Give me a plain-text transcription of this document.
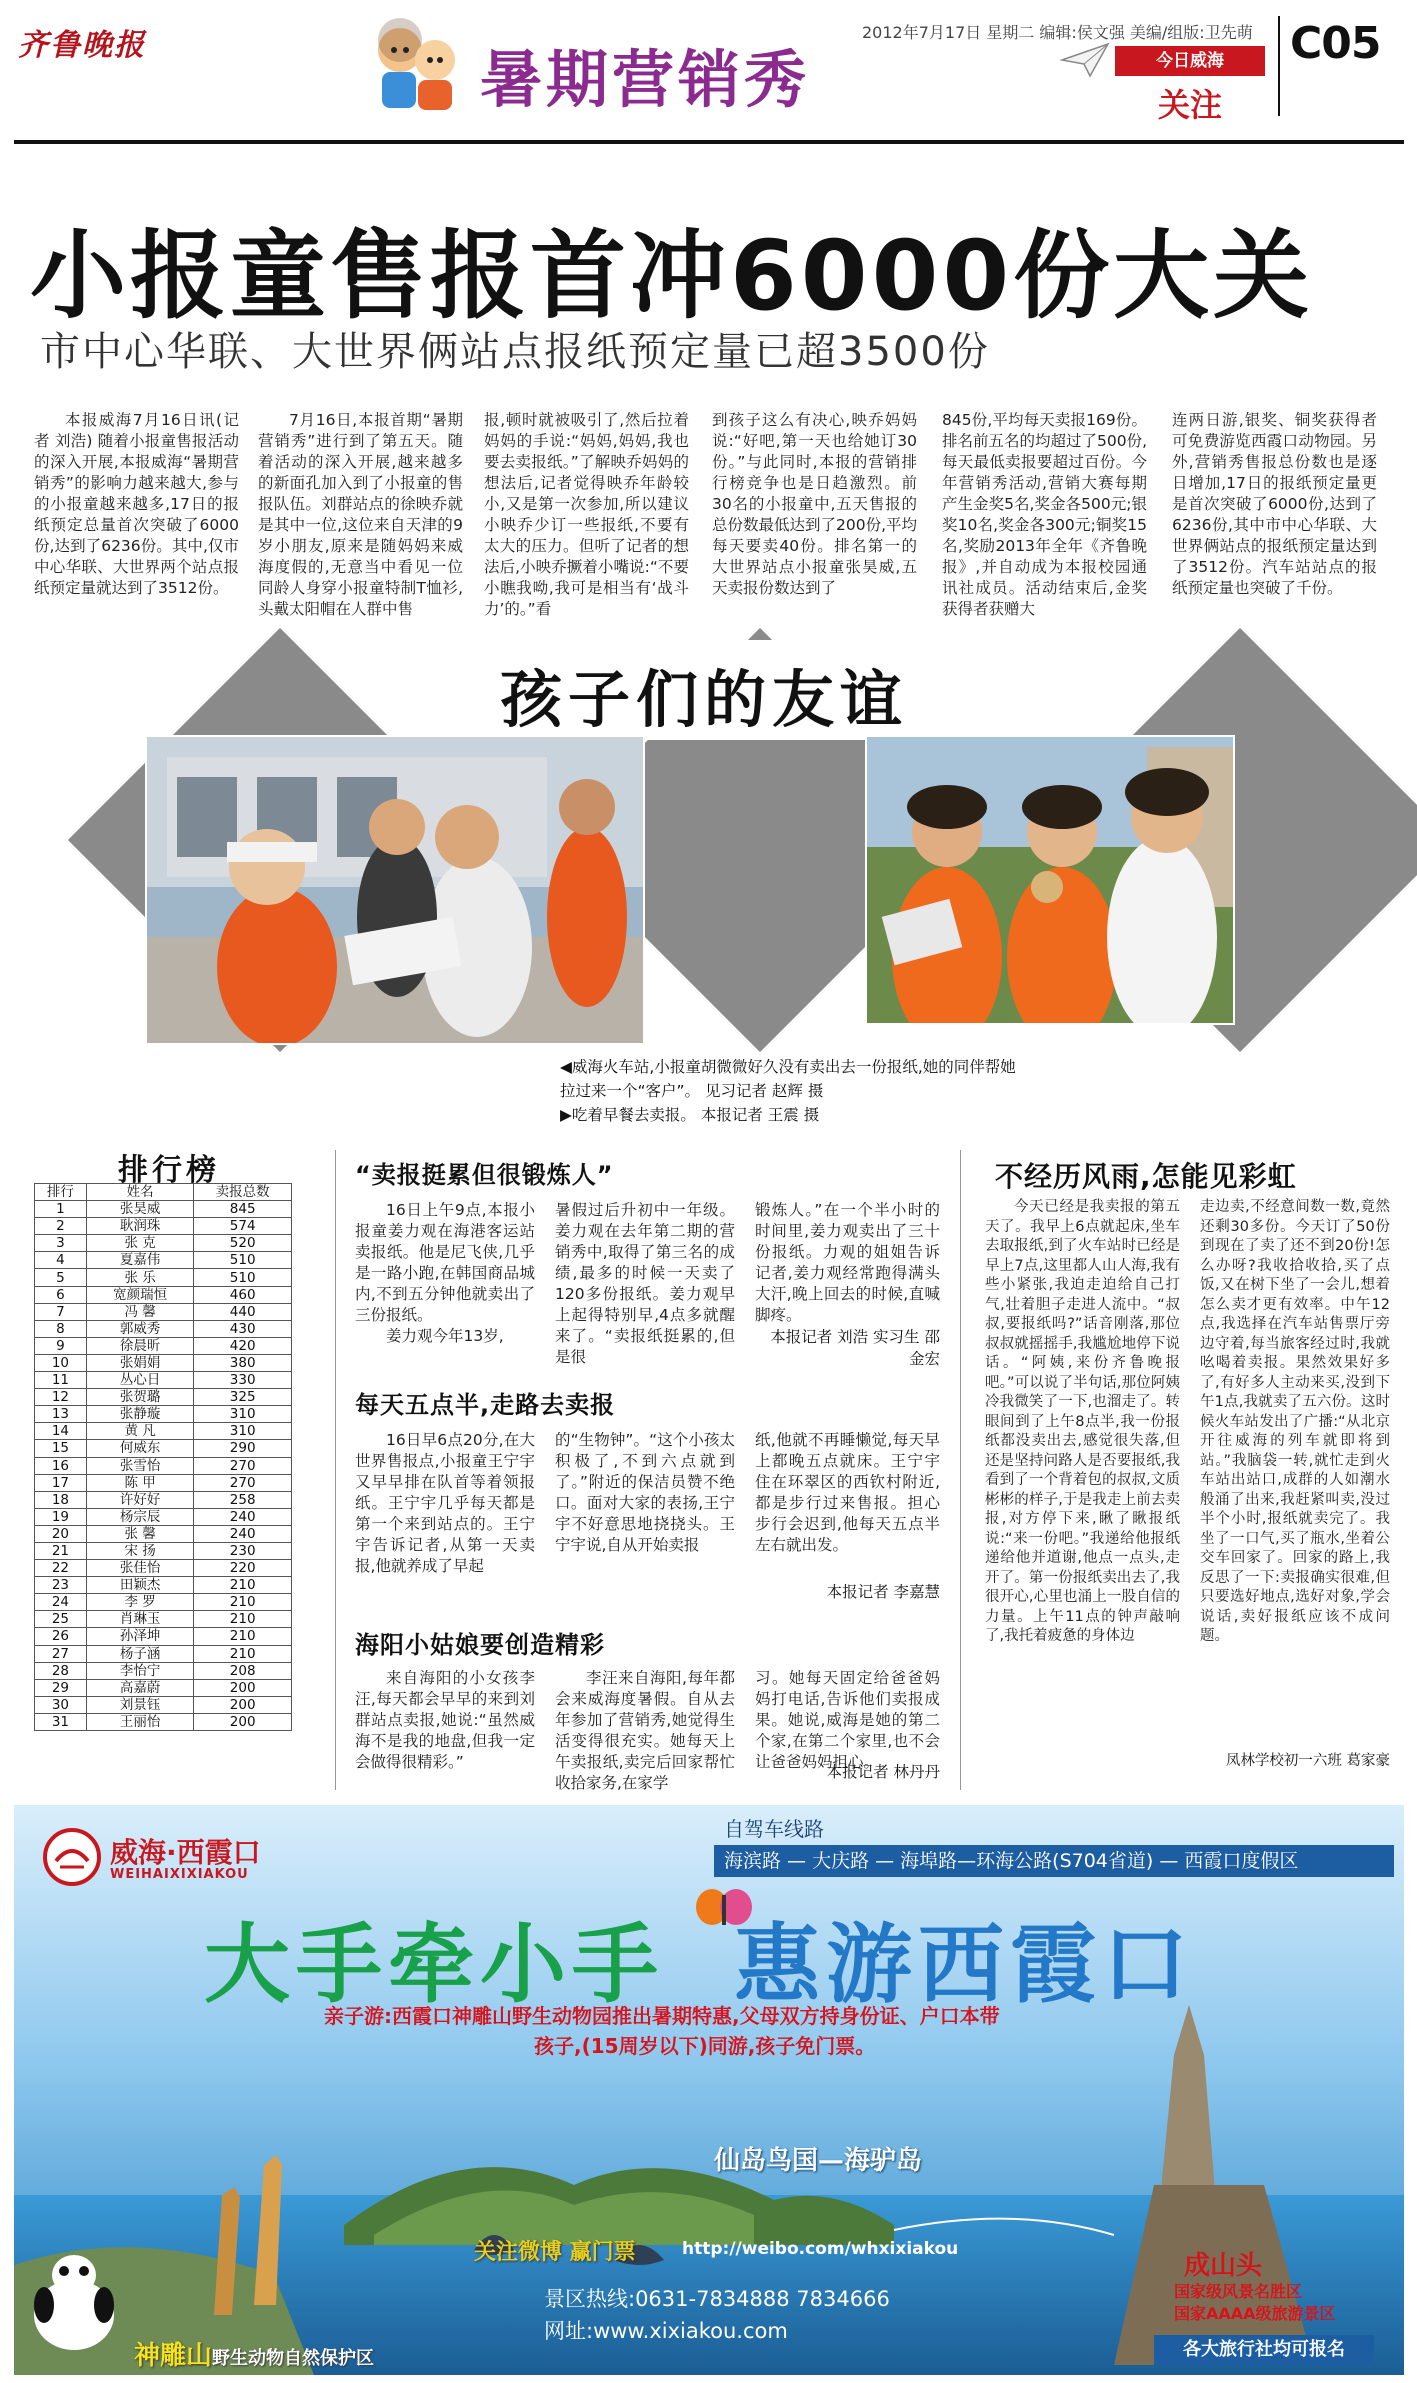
齐鲁晚报	暑期营销秀
2012年7月17日 星期二 编辑:侯文强 美编/组版:卫先萌
今日威海
关注
C05
小报童售报首冲6000份大关
市中心华联、大世界俩站点报纸预定量已超3500份
本报威海7月16日讯(记者 刘浩) 随着小报童售报活动的深入开展,本报威海“暑期营销秀”的影响力越来越大,参与的小报童越来越多,17日的报纸预定总量首次突破了6000份,达到了6236份。其中,仅市中心华联、大世界两个站点报纸预定量就达到了3512份。
7月16日,本报首期“暑期营销秀”进行到了第五天。随着活动的深入开展,越来越多的新面孔加入到了小报童的售报队伍。刘群站点的徐映乔就是其中一位,这位来自天津的9岁小朋友,原来是随妈妈来威海度假的,无意当中看见一位同龄人身穿小报童特制T恤衫,头戴太阳帽在人群中售
报,顿时就被吸引了,然后拉着妈妈的手说:“妈妈,妈妈,我也要去卖报纸。”了解映乔妈妈的想法后,记者觉得映乔年龄较小,又是第一次参加,所以建议小映乔少订一些报纸,不要有太大的压力。但听了记者的想法后,小映乔撅着小嘴说:“不要小瞧我呦,我可是相当有‘战斗力’的。”看
到孩子这么有决心,映乔妈妈说:“好吧,第一天也给她订30份。”与此同时,本报的营销排行榜竞争也是日趋激烈。前30名的小报童中,五天售报的总份数最低达到了200份,平均每天要卖40份。排名第一的大世界站点小报童张昊威,五天卖报份数达到了
845份,平均每天卖报169份。排名前五名的均超过了500份,每天最低卖报要超过百份。今年营销秀活动,营销大赛每期产生金奖5名,奖金各500元;银奖10名,奖金各300元;铜奖15名,奖励2013年全年《齐鲁晚报》,并自动成为本报校园通讯社成员。活动结束后,金奖获得者获赠大
连两日游,银奖、铜奖获得者可免费游览西霞口动物园。另外,营销秀售报总份数也是逐日增加,17日的报纸预定量更是首次突破了6000份,达到了6236份,其中市中心华联、大世界俩站点的报纸预定量达到了3512份。汽车站站点的报纸预定量也突破了千份。
孩子们的友谊
◀威海火车站,小报童胡微微好久没有卖出去一份报纸,她的同伴帮她拉过来一个“客户”。 见习记者 赵辉 摄
▶吃着早餐去卖报。 本报记者 王震 摄
排行榜
排行	姓名	卖报总数
1	张昊威	845
2	耿润珠	574
3	张 克	520
4	夏嘉伟	510
5	张 乐	510
6	宽颜瑞恒	460
7	冯 馨	440
8	郭威秀	430
9	徐晨昕	420
10	张娟娟	380
11	丛心日	330
12	张贺璐	325
13	张静璇	310
14	黄 凡	310
15	何威东	290
16	张雪怡	270
17	陈 甲	270
18	许好好	258
19	杨宗辰	240
20	张 馨	240
21	宋 扬	230
22	张佳怡	220
23	田颖杰	210
24	李 罗	210
25	肖琳玉	210
26	孙泽坤	210
27	杨子涵	210
28	李怡宁	208
29	高嘉蔚	200
30	刘景钰	200
31	王丽怡	200
“卖报挺累但很锻炼人”
16日上午9点,本报小报童姜力观在海港客运站卖报纸。他是尼飞侠,几乎是一路小跑,在韩国商品城内,不到五分钟他就卖出了三份报纸。
姜力观今年13岁,
暑假过后升初中一年级。姜力观在去年第二期的营销秀中,取得了第三名的成绩,最多的时候一天卖了120多份报纸。姜力观早上起得特别早,4点多就醒来了。“卖报纸挺累的,但是很
锻炼人。”在一个半小时的时间里,姜力观卖出了三十份报纸。力观的姐姐告诉记者,姜力观经常跑得满头大汗,晚上回去的时候,直喊脚疼。
本报记者 刘浩 实习生 邵金宏
每天五点半,走路去卖报
16日早6点20分,在大世界售报点,小报童王宁宇又早早排在队首等着领报纸。王宁宇几乎每天都是第一个来到站点的。王宁宇告诉记者,从第一天卖报,他就养成了早起
的“生物钟”。“这个小孩太积极了,不到六点就到了。”附近的保洁员赞不绝口。面对大家的表扬,王宁宇不好意思地挠挠头。王宁宇说,自从开始卖报
纸,他就不再睡懒觉,每天早上都晚五点就床。王宁宇住在环翠区的西钦村附近,都是步行过来售报。担心步行会迟到,他每天五点半左右就出发。
本报记者 李嘉慧
海阳小姑娘要创造精彩
来自海阳的小女孩李汪,每天都会早早的来到刘群站点卖报,她说:“虽然威海不是我的地盘,但我一定会做得很精彩。”
李汪来自海阳,每年都会来威海度暑假。自从去年参加了营销秀,她觉得生活变得很充实。她每天上午卖报纸,卖完后回家帮忙收拾家务,在家学
习。她每天固定给爸爸妈妈打电话,告诉他们卖报成果。她说,威海是她的第二个家,在第二个家里,也不会让爸爸妈妈担心。
本报记者 林丹丹
不经历风雨,怎能见彩虹
今天已经是我卖报的第五天了。我早上6点就起床,坐车去取报纸,到了火车站时已经是早上7点,这里都人山人海,我有些小紧张,我迫走迫给自己打气,壮着胆子走进人流中。“叔叔,要报纸吗?”话音刚落,那位叔叔就摇摇手,我尴尬地停下说话。“阿姨,来份齐鲁晚报吧。”可以说了半句话,那位阿姨冷我微笑了一下,也溜走了。转眼间到了上午8点半,我一份报纸都没卖出去,感觉很失落,但还是坚持问路人是否要报纸,我看到了一个背着包的叔叔,文质彬彬的样子,于是我走上前去卖报,对方停下来,瞅了瞅报纸说:“来一份吧。”我递给他报纸递给他并道谢,他点一点头,走开了。第一份报纸卖出去了,我很开心,心里也涌上一股自信的力量。上午11点的钟声敲响了,我托着疲惫的身体边
走边卖,不经意间数一数,竟然还剩30多份。今天订了50份到现在了卖了还不到20份!怎么办呀?我收拾收拾,买了点饭,又在树下坐了一会儿,想着怎么卖才更有效率。中午12点,我选择在汽车站售票厅旁边守着,每当旅客经过时,我就吆喝着卖报。果然效果好多了,有好多人主动来买,没到下午1点,我就卖了五六份。这时候火车站发出了广播:“从北京开往威海的列车就即将到站。”我脑袋一转,就忙走到火车站出站口,成群的人如潮水般涌了出来,我赶紧叫卖,没过半个小时,报纸就卖完了。我坐了一口气,买了瓶水,坐着公交车回家了。回家的路上,我反思了一下:卖报确实很难,但只要选好地点,选好对象,学会说话,卖好报纸应该不成问题。
凤林学校初一六班 葛家豪
威海·西霞口
WEIHAIXIXIAKOU
自驾车线路
海滨路 — 大庆路 — 海埠路—环海公路(S704省道) — 西霞口度假区
大手牵小手 惠游西霞口
亲子游:西霞口神雕山野生动物园推出暑期特惠,父母双方持身份证、户口本带
孩子,(15周岁以下)同游,孩子免门票。
仙岛鸟国—海驴岛
关注微博 赢门票	http://weibo.com/whxixiakou
景区热线:0631-7834888 7834666
网址:www.xixiakou.com
神雕山野生动物自然保护区
成山头
国家级风景名胜区
国家AAAA级旅游景区
各大旅行社均可报名
